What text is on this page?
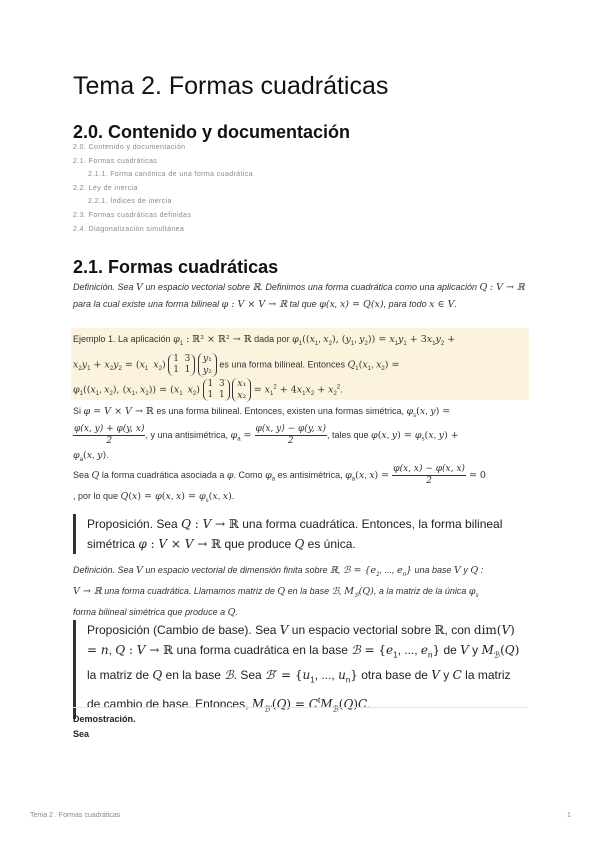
Tema 2. Formas cuadráticas
2.0. Contenido y documentación
2.0. Contenido y documentación
2.1. Formas cuadráticas
2.1.1. Forma canónica de una forma cuadrática
2.2. Ley de inercia
2.2.1. Índices de inercia
2.3. Formas cuadráticas definidas
2.4. Diagonalización simultánea
2.1. Formas cuadráticas
Definición. Sea V un espacio vectorial sobre ℝ. Definimos una forma cuadrática como una aplicación Q : V → ℝ para la cual existe una forma bilineal φ : V × V → ℝ tal que φ(x, x) = Q(x), para todo x ∈ V.
Ejemplo 1. La aplicación $\varphi_1$ : ℝ² × ℝ² → ℝ dada por $\varphi_1((x_1$, $x_2$), ($y_1$, $y_2)) = x_1y_1 + 3x_1y_2$ +
$x_2y_1 + x_2y_2 = (x_1$ $x_2$) 1  3
1  1 y₁
y₂ es una forma bilineal. Entonces $Q_1(x_1$, $x_2$) =
$\varphi_1((x_1$, $x_2$), ($x_1$, $x_2)) = (x_1$ $x_2$) 1  3
1  1 x₁
$x_2 = x_1^2 + 4x_1x_2 + x_2^2$.
Si φ = V × V → ℝ es una forma bilineal. Entonces, existen una formas simétrica, $\varphi_s(x$, y) =

$\frac{\varphi(x, y) + \varphi(y, x)}{2}$ , y una antisimétrica, $\varphi_a = \frac{\varphi(x, y) - \varphi(y, x)}{2}$ , tales que φ(x, $y) = \varphi_s(x$, y) +
$\varphi_a(x$, y).
Sea Q la forma cuadrática asociada a φ. Como $\varphi_a$ es antisimétrica, $\varphi_a(x$, $x) = \frac{\varphi(x, x) - \varphi(x, x)}{2} = 0$
, por lo que Q(x) = φ(x, $x) = \varphi_s(x$, x).
Proposición. Sea Q : V → ℝ una forma cuadrática. Entonces, la forma bilineal simétrica φ : V × V → ℝ que produce Q es única.
Definición. Sea V un espacio vectorial de dimensión finita sobre ℝ, ℬ = {$e_1$, ..., $e_n$} una base V y Q :
V → ℝ una forma cuadrática. Llamamos matriz de Q en la base ℬ, $M_ℬ(Q)$, a la matriz de la única $\varphi_s$
forma bilineal simétrica que produce a Q.
Proposición (Cambio de base). Sea V un espacio vectorial sobre ℝ, con dim(V) = n, Q : V → ℝ una forma cuadrática en la base ℬ = {$e_1$, ..., $e_n$} de V y $M_ℬ(Q)$ la matriz de Q en la base ℬ. Sea ℬ′ = {$u_1$, ..., $u_n$} otra base de V y C la matriz de cambio de base. Entonces, $M_{ℬ'}(Q) = C^tM_ℬ(Q)C$.
Demostración.
Sea
Tema 2 . Formas cuadráticas	1
